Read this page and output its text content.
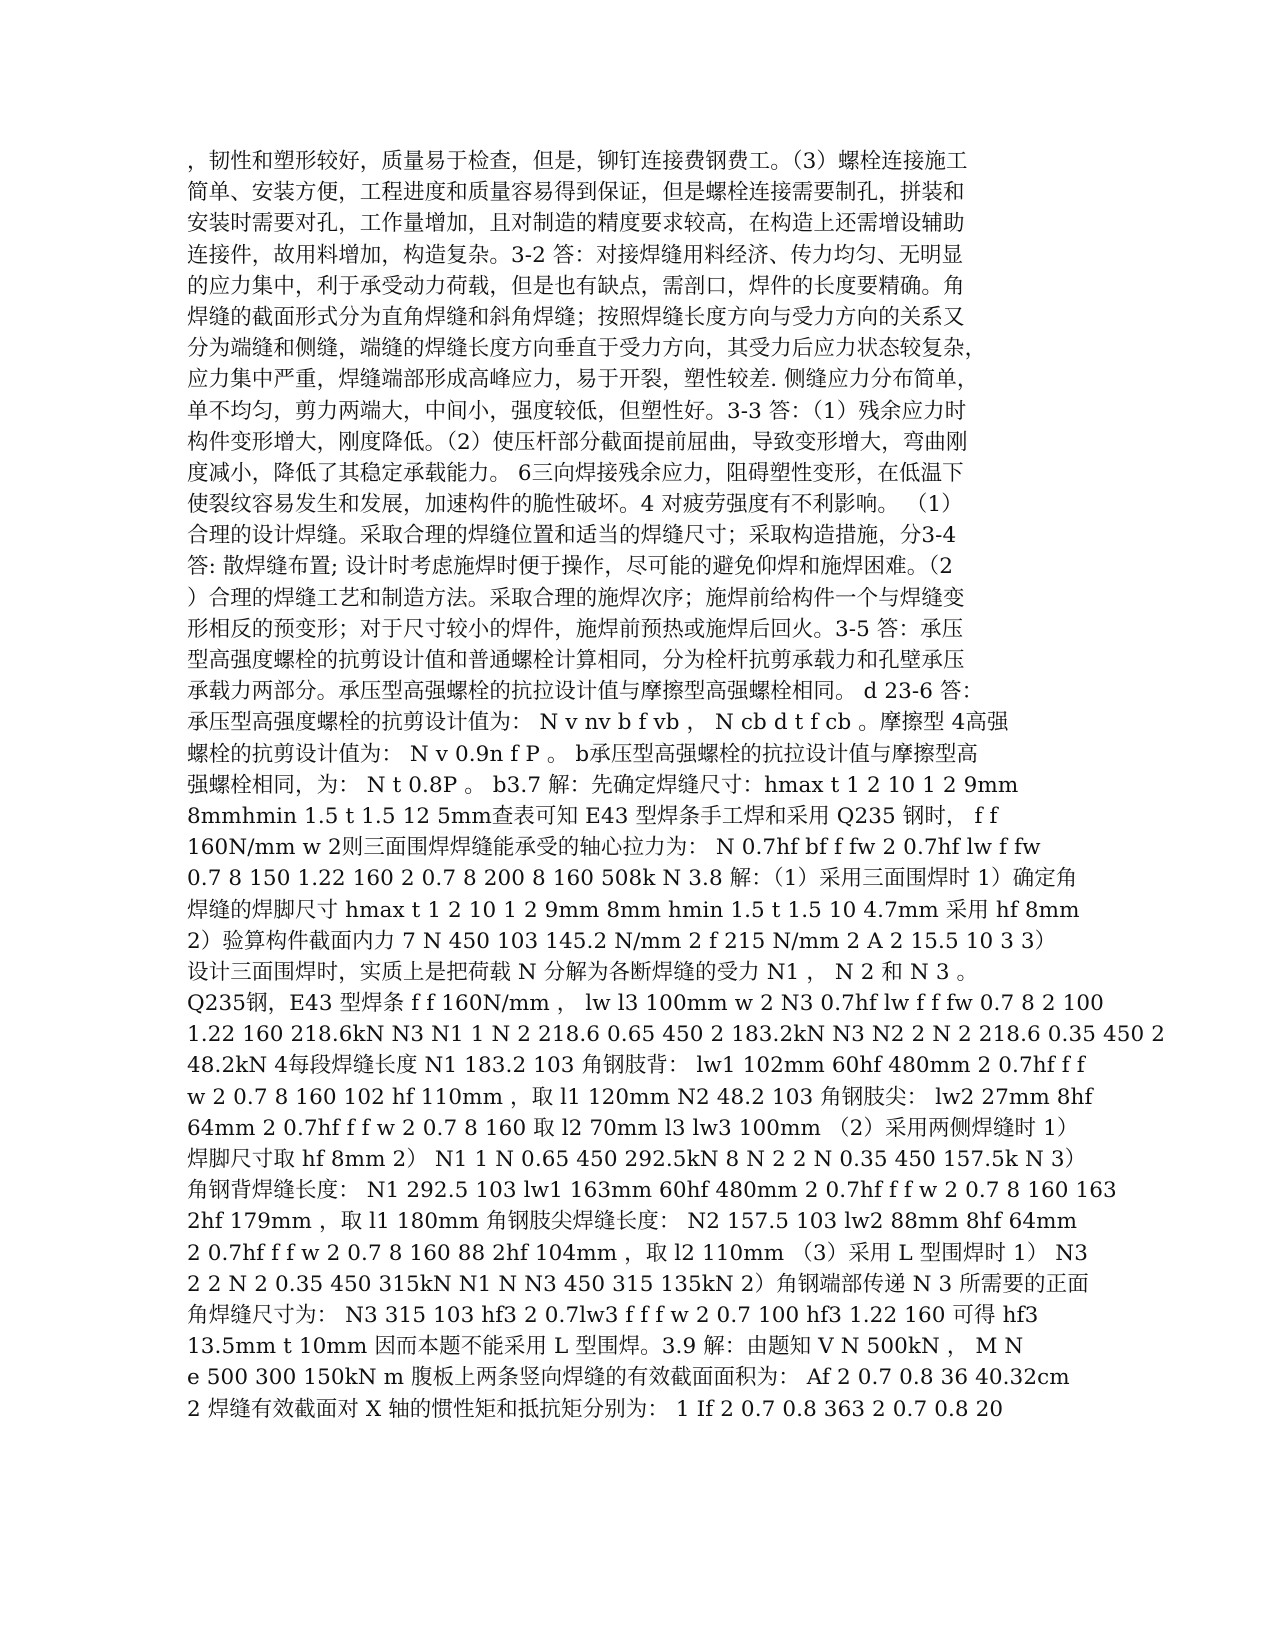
，韧性和塑形较好，质量易于检查，但是，铆钉连接费钢费工。（3）螺栓连接施工
简单、安装方便，工程进度和质量容易得到保证，但是螺栓连接需要制孔，拼装和
安装时需要对孔，工作量增加，且对制造的精度要求较高，在构造上还需增设辅助
连接件，故用料增加，构造复杂。3-2 答：对接焊缝用料经济、传力均匀、无明显
的应力集中，利于承受动力荷载，但是也有缺点，需剖口，焊件的长度要精确。角
焊缝的截面形式分为直角焊缝和斜角焊缝；按照焊缝长度方向与受力方向的关系又
分为端缝和侧缝，端缝的焊缝长度方向垂直于受力方向，其受力后应力状态较复杂，
应力集中严重，焊缝端部形成高峰应力，易于开裂，塑性较差. 侧缝应力分布简单，
单不均匀，剪力两端大，中间小，强度较低，但塑性好。3-3 答：（1）残余应力时
构件变形增大，刚度降低。（2）使压杆部分截面提前屈曲，导致变形增大，弯曲刚
度减小，降低了其稳定承载能力。 6三向焊接残余应力，阻碍塑性变形，在低温下
使裂纹容易发生和发展，加速构件的脆性破坏。4 对疲劳强度有不利影响。 （1）
合理的设计焊缝。采取合理的焊缝位置和适当的焊缝尺寸；采取构造措施，分3-4
答: 散焊缝布置; 设计时考虑施焊时便于操作，尽可能的避免仰焊和施焊困难。（2
）合理的焊缝工艺和制造方法。采取合理的施焊次序；施焊前给构件一个与焊缝变
形相反的预变形；对于尺寸较小的焊件，施焊前预热或施焊后回火。3-5 答：承压
型高强度螺栓的抗剪设计值和普通螺栓计算相同，分为栓杆抗剪承载力和孔壁承压
承载力两部分。承压型高强螺栓的抗拉设计值与摩擦型高强螺栓相同。 d 23-6 答：
承压型高强度螺栓的抗剪设计值为： N v nv b f vb ， N cb d t f cb 。摩擦型 4高强
螺栓的抗剪设计值为： N v 0.9n f P 。 b承压型高强螺栓的抗拉设计值与摩擦型高
强螺栓相同，为： N t 0.8P 。 b3.7 解：先确定焊缝尺寸：hmax t 1 2 10 1 2 9mm
8mmhmin 1.5 t 1.5 12 5mm查表可知 E43 型焊条手工焊和采用 Q235 钢时， f f
160N/mm w 2则三面围焊焊缝能承受的轴心拉力为： N 0.7hf bf f fw 2 0.7hf lw f fw
0.7 8 150 1.22 160 2 0.7 8 200 8 160 508k N 3.8 解：（1）采用三面围焊时 1）确定角
焊缝的焊脚尺寸 hmax t 1 2 10 1 2 9mm 8mm hmin 1.5 t 1.5 10 4.7mm 采用 hf 8mm
2）验算构件截面内力 7 N 450 103 145.2 N/mm 2 f 215 N/mm 2 A 2 15.5 10 3 3）
设计三面围焊时，实质上是把荷载 N 分解为各断焊缝的受力 N1 ， N 2 和 N 3 。
Q235钢，E43 型焊条 f f 160N/mm ， lw l3 100mm w 2 N3 0.7hf lw f f fw 0.7 8 2 100
1.22 160 218.6kN N3 N1 1 N 2 218.6 0.65 450 2 183.2kN N3 N2 2 N 2 218.6 0.35 450 2
48.2kN 4每段焊缝长度 N1 183.2 103 角钢肢背： lw1 102mm 60hf 480mm 2 0.7hf f f
w 2 0.7 8 160 102 hf 110mm ，取 l1 120mm N2 48.2 103 角钢肢尖： lw2 27mm 8hf
64mm 2 0.7hf f f w 2 0.7 8 160 取 l2 70mm l3 lw3 100mm （2）采用两侧焊缝时 1）
焊脚尺寸取 hf 8mm 2） N1 1 N 0.65 450 292.5kN 8 N 2 2 N 0.35 450 157.5k N 3）
角钢背焊缝长度： N1 292.5 103 lw1 163mm 60hf 480mm 2 0.7hf f f w 2 0.7 8 160 163
2hf 179mm ，取 l1 180mm 角钢肢尖焊缝长度： N2 157.5 103 lw2 88mm 8hf 64mm
2 0.7hf f f w 2 0.7 8 160 88 2hf 104mm ，取 l2 110mm （3）采用 L 型围焊时 1） N3
2 2 N 2 0.35 450 315kN N1 N N3 450 315 135kN 2）角钢端部传递 N 3 所需要的正面
角焊缝尺寸为： N3 315 103 hf3 2 0.7lw3 f f f w 2 0.7 100 hf3 1.22 160 可得 hf3
13.5mm t 10mm 因而本题不能采用 L 型围焊。3.9 解：由题知 V N 500kN ， M N
e 500 300 150kN m 腹板上两条竖向焊缝的有效截面面积为： Af 2 0.7 0.8 36 40.32cm
2 焊缝有效截面对 X 轴的惯性矩和抵抗矩分别为： 1 If 2 0.7 0.8 363 2 0.7 0.8 20
